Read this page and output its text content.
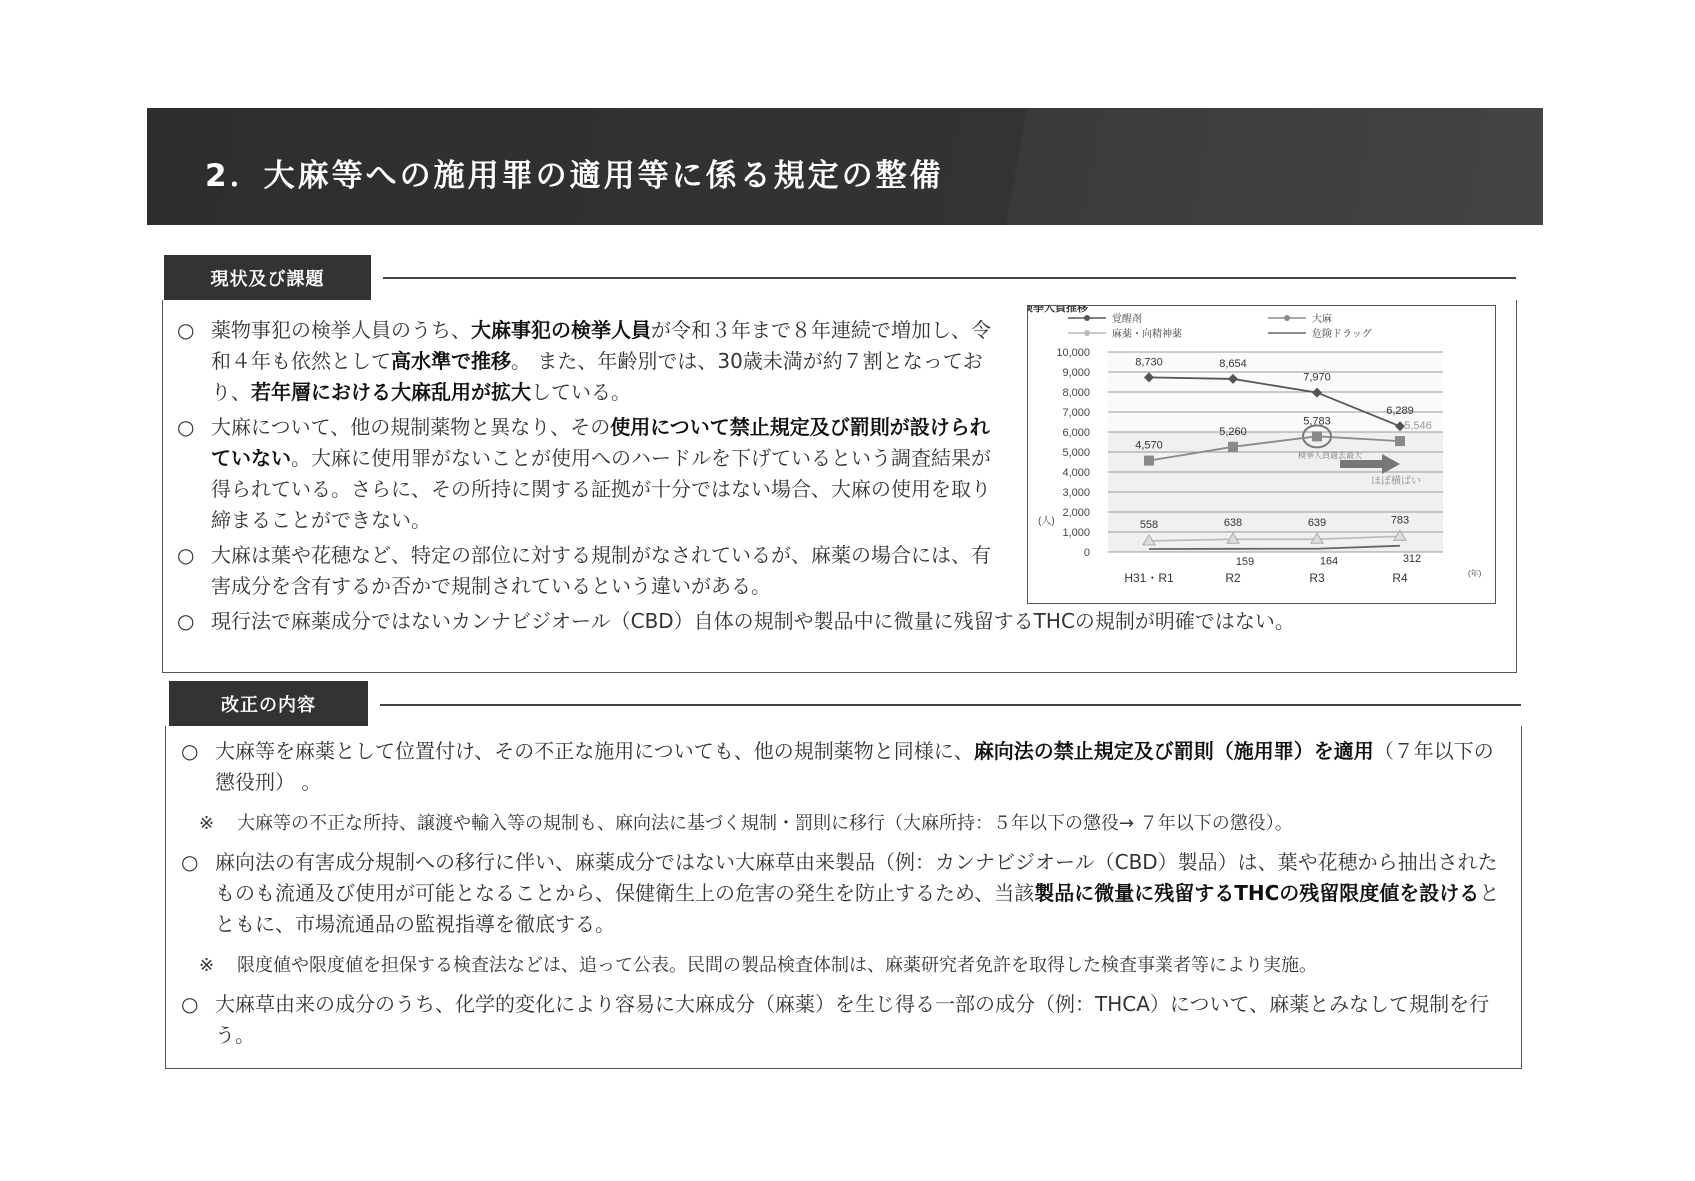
2．大麻等への施用罪の適用等に係る規定の整備
現状及び課題
○ 薬物事犯の検挙人員のうち、大麻事犯の検挙人員が令和３年まで８年連続で増加し、令和４年も依然として高水準で推移。 また、年齢別では、30歳未満が約７割となっており、若年層における大麻乱用が拡大している。
○ 大麻について、他の規制薬物と異なり、その使用について禁止規定及び罰則が設けられていない。大麻に使用罪がないことが使用へのハードルを下げているという調査結果が得られている。さらに、その所持に関する証拠が十分ではない場合、大麻の使用を取り締まることができない。
○ 大麻は葉や花穂など、特定の部位に対する規制がなされているが、麻薬の場合には、有害成分を含有するか否かで規制されているという違いがある。
○ 現行法で麻薬成分ではないカンナビジオール（CBD）自体の規制や製品中に微量に残留するTHCの規制が明確ではない。
0
1,000
2,000
3,000
4,000
5,000
6,000
7,000
8,000
9,000
10,000
検挙人員推移
(人)
(年)
H31・R1	R2	R3	R4
覚醒剤	大麻
麻薬・向精神薬	危険ドラッグ
検挙人員過去最大
ほぼ横ばい
8,730	8,654
7,970
6,289
4,570
5,260
5,783	5,546
558	638	639	783
159	164	312
改正の内容
○ 大麻等を麻薬として位置付け、その不正な施用についても、他の規制薬物と同様に、麻向法の禁止規定及び罰則（施用罪）を適用（７年以下の懲役刑） 。
※ 大麻等の不正な所持、譲渡や輸入等の規制も、麻向法に基づく規制・罰則に移行（大麻所持：５年以下の懲役→ ７年以下の懲役）。
○ 麻向法の有害成分規制への移行に伴い、麻薬成分ではない大麻草由来製品（例：カンナビジオール（CBD）製品）は、葉や花穂から抽出されたものも流通及び使用が可能となることから、保健衛生上の危害の発生を防止するため、当該製品に微量に残留するTHCの残留限度値を設けるとともに、市場流通品の監視指導を徹底する。
※ 限度値や限度値を担保する検査法などは、追って公表。民間の製品検査体制は、麻薬研究者免許を取得した検査事業者等により実施。
○ 大麻草由来の成分のうち、化学的変化により容易に大麻成分（麻薬）を生じ得る一部の成分（例：THCA）について、麻薬とみなして規制を行う。
